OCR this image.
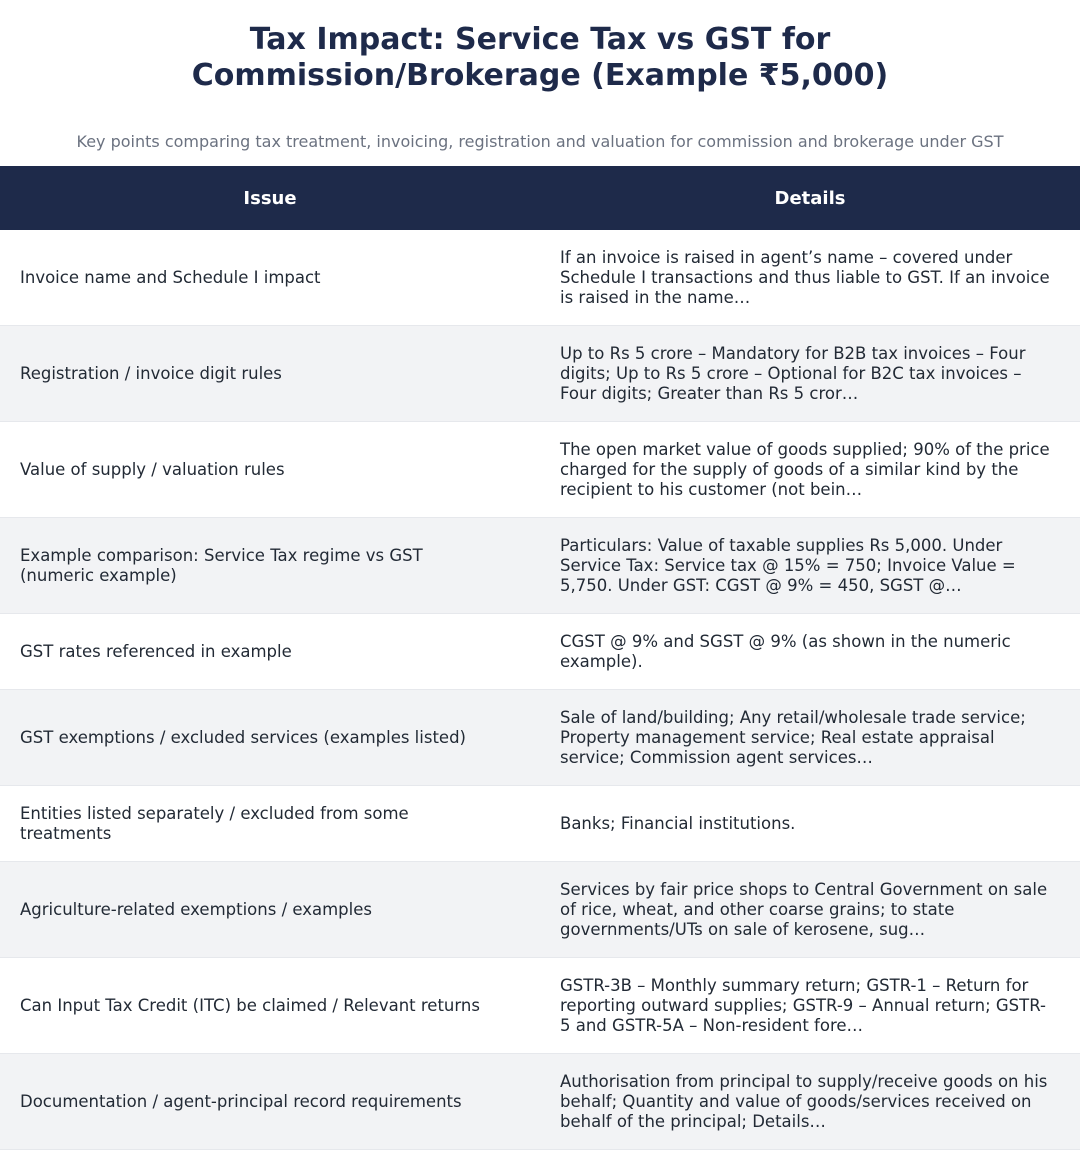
Tax Impact: Service Tax vs GST for
Commission/Brokerage (Example ₹5,000)

Key points comparing tax treatment, invoicing, registration and valuation for commission and brokerage under GST

Issue	Details
Invoice name and Schedule I impact
If an invoice is raised in agent’s name – covered under Schedule I transactions and thus liable to GST. If an invoice is raised in the name…
Registration / invoice digit rules
Up to Rs 5 crore – Mandatory for B2B tax invoices – Four digits; Up to Rs 5 crore – Optional for B2C tax invoices – Four digits; Greater than Rs 5 cror…
Value of supply / valuation rules
The open market value of goods supplied; 90% of the price charged for the supply of goods of a similar kind by the recipient to his customer (not bein…
Example comparison: Service Tax regime vs GST (numeric example)
Particulars: Value of taxable supplies Rs 5,000. Under Service Tax: Service tax @ 15% = 750; Invoice Value = 5,750. Under GST: CGST @ 9% = 450, SGST @…
GST rates referenced in example
CGST @ 9% and SGST @ 9% (as shown in the numeric example).
GST exemptions / excluded services (examples listed)
Sale of land/building; Any retail/wholesale trade service; Property management service; Real estate appraisal service; Commission agent services…
Entities listed separately / excluded from some treatments
Banks; Financial institutions.
Agriculture-related exemptions / examples
Services by fair price shops to Central Government on sale of rice, wheat, and other coarse grains; to state governments/UTs on sale of kerosene, sug…
Can Input Tax Credit (ITC) be claimed / Relevant returns
GSTR-3B – Monthly summary return; GSTR-1 – Return for reporting outward supplies; GSTR-9 – Annual return; GSTR-5 and GSTR-5A – Non-resident fore…
Documentation / agent-principal record requirements
Authorisation from principal to supply/receive goods on his behalf; Quantity and value of goods/services received on behalf of the principal; Details…
